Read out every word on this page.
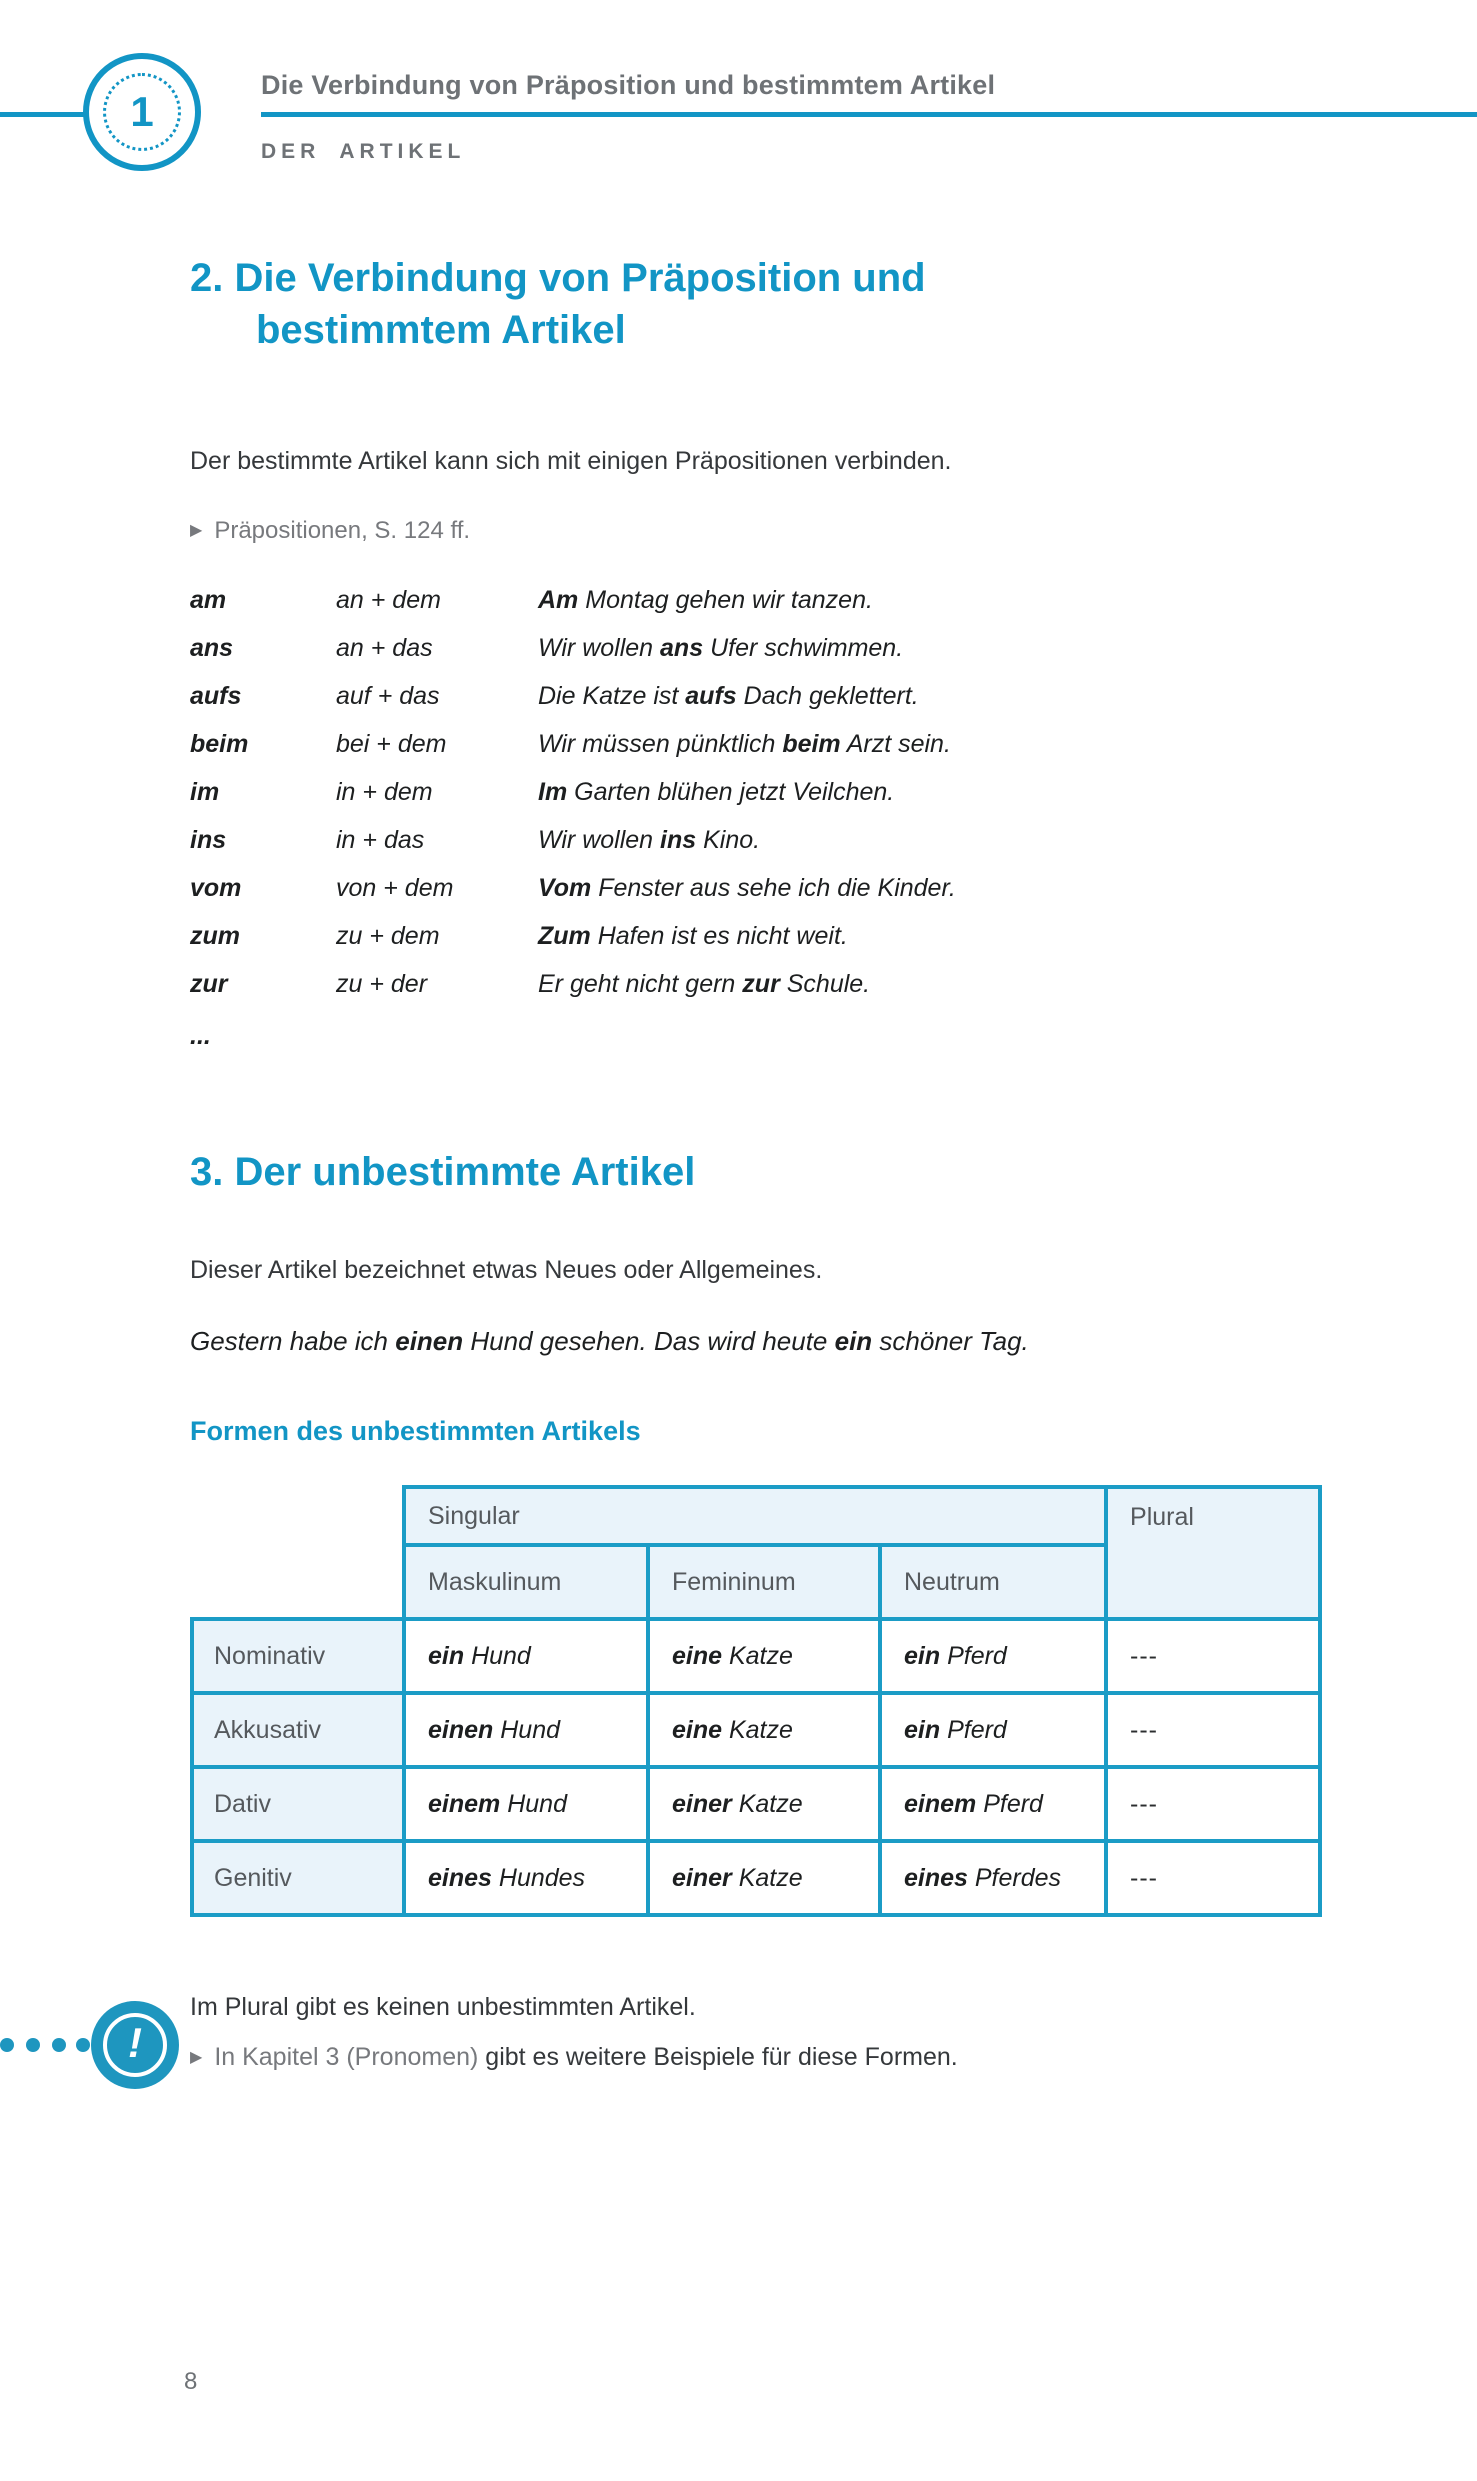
1
Die Verbindung von Präposition und bestimmtem Artikel
DER ARTIKEL
2. Die Verbindung von Präposition und
bestimmtem Artikel

Der bestimmte Artikel kann sich mit einigen Präpositionen verbinden.

▶ Präpositionen, S. 124 ff.
am	an + dem	Am Montag gehen wir tanzen.
ans	an + das	Wir wollen ans Ufer schwimmen.
aufs	auf + das	Die Katze ist aufs Dach geklettert.
beim	bei + dem	Wir müssen pünktlich beim Arzt sein.
im	in + dem	Im Garten blühen jetzt Veilchen.
ins	in + das	Wir wollen ins Kino.
vom	von + dem	Vom Fenster aus sehe ich die Kinder.
zum	zu + dem	Zum Hafen ist es nicht weit.
zur	zu + der	Er geht nicht gern zur Schule.
...
3. Der unbestimmte Artikel

Dieser Artikel bezeichnet etwas Neues oder Allgemeines.

Gestern habe ich einen Hund gesehen. Das wird heute ein schöner Tag.

Formen des unbestimmten Artikels
	Singular			Plural
	Maskulinum	Femininum	Neutrum	
Nominativ	ein Hund	eine Katze	ein Pferd	---
Akkusativ	einen Hund	eine Katze	ein Pferd	---
Dativ	einem Hund	einer Katze	einem Pferd	---
Genitiv	eines Hundes	einer Katze	eines Pferdes	---
!
Im Plural gibt es keinen unbestimmten Artikel.
▶ In Kapitel 3 (Pronomen) gibt es weitere Beispiele für diese Formen.
8
